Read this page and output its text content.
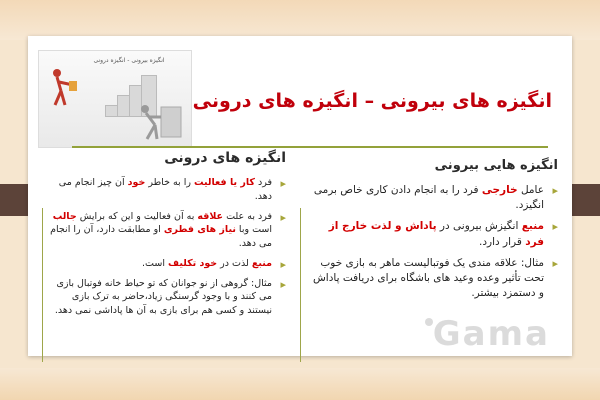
انگیزه بیرونی - انگیزه درونی
انگیزه های بیرونی – انگیزه های درونی
انگیزه هایی بیرونی
▸ عامل خارجی فرد را به انجام دادن کاری خاص برمی انگیزد.
▸ منبع انگیزش بیرونی در پاداش و لذت خارج از فرد قرار دارد.
▸ مثال: علاقه مندی یک فوتبالیست ماهر به بازی خوب تحت تأثیر وعده وعید های باشگاه برای دریافت پاداش و دستمزد بیشتر.
انگیزه های درونی
▸ فرد کار یا فعالیت را به خاطر خود آن چیز انجام می دهد.
▸ فرد به علت علاقه به آن فعالیت و این که برایش جالب است وبا نیاز های فطری او مطابقت دارد، آن را انجام می دهد.
▸ منبع لذت در خود تکلیف است.
▸ مثال: گروهی از نو جوانان که تو حیاط خانه فوتبال بازی می کنند و با وجود گرسنگی زیاد،حاضر به ترک بازی نیستند و کسی هم برای بازی به آن ها پاداشی نمی دهد.
Gama
